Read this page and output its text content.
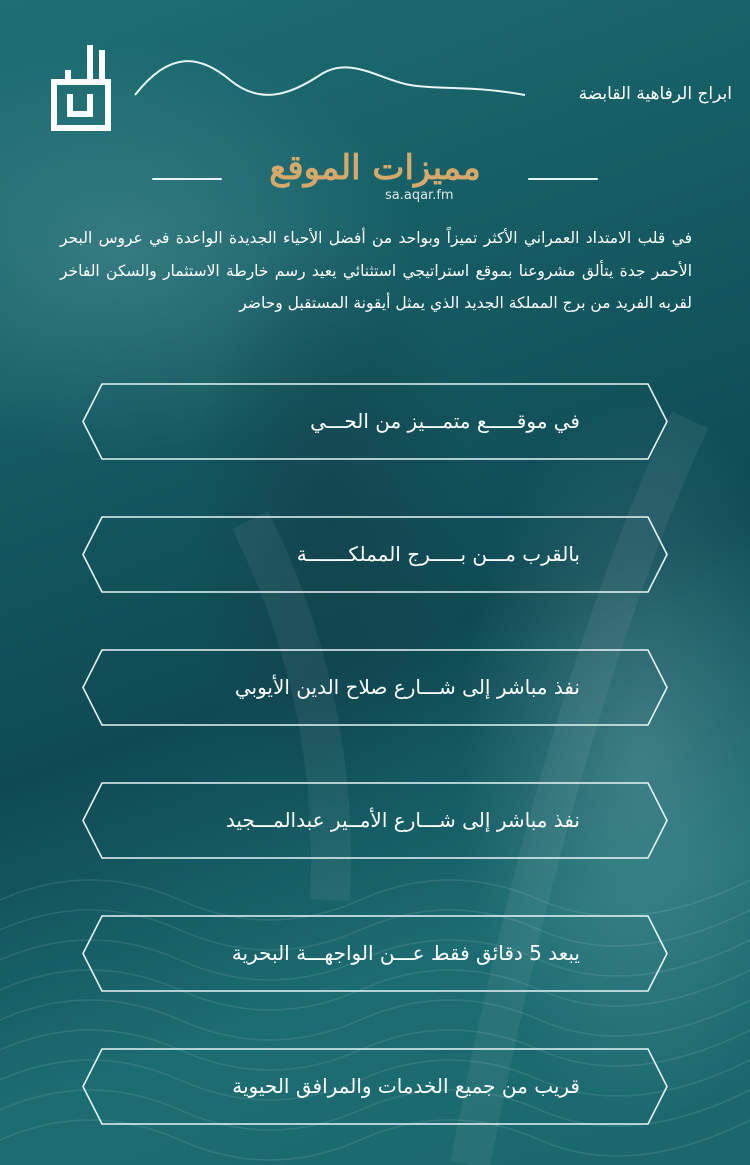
ابراج الرفاهية القابضة
مميزات الموقع
sa.aqar.fm
في قلب الامتداد العمراني الأكثر تميزاً وبواحد من أفضل الأحياء الجديدة الواعدة في عروس البحر الأحمر جدة يتألق مشروعنا بموقع استراتيجي استثنائي يعيد رسم خارطة الاستثمار والسكن الفاخر لقربه الفريد من برج المملكة الجديد الذي يمثل أيقونة المستقبل وحاضر
في موقـــــع متمـــيز من الحـــي
بالقرب مـــن بـــــرج المملكـــــــة
نفذ مباشر إلى شـــارع صلاح الدين الأيوبي
نفذ مباشر إلى شـــارع الأمــير عبدالمـــجيد
يبعد 5 دقائق فقط عـــن الواجهـــة البحرية
قريب من جميع الخدمات والمرافق الحيوية
